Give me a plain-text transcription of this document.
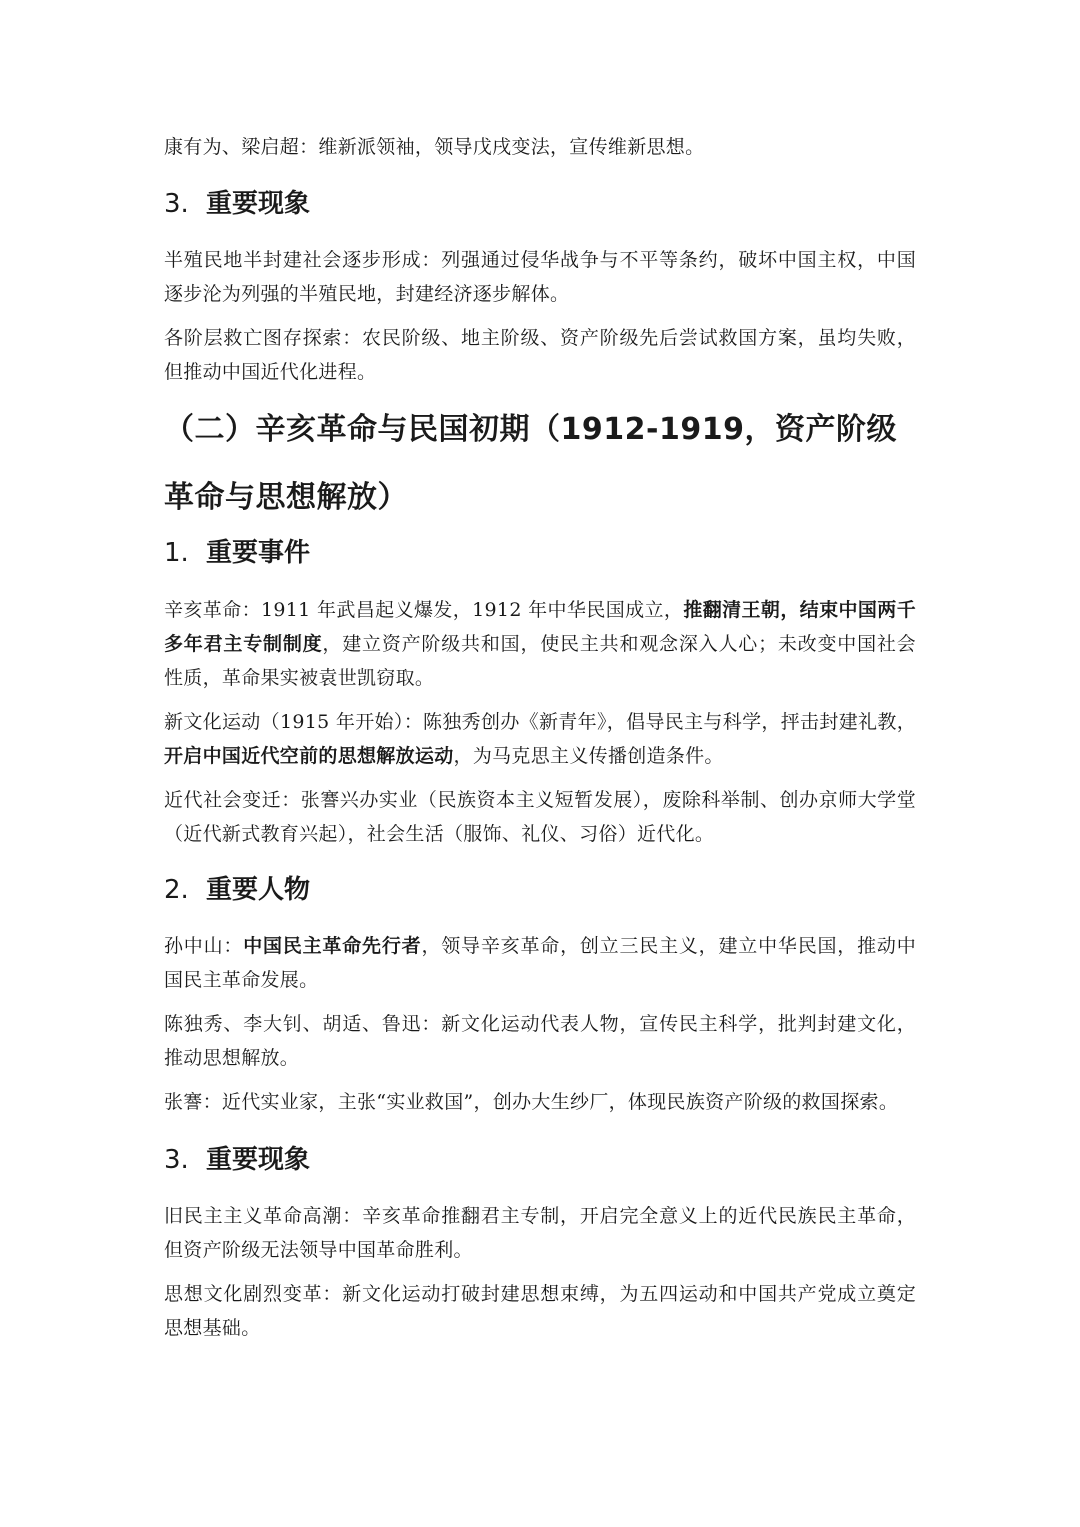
康有为、梁启超：维新派领袖，领导戊戌变法，宣传维新思想。

3. 重要现象

半殖民地半封建社会逐步形成：列强通过侵华战争与不平等条约，破坏中国主权，中国逐步沦为列强的半殖民地，封建经济逐步解体。

各阶层救亡图存探索：农民阶级、地主阶级、资产阶级先后尝试救国方案，虽均失败，但推动中国近代化进程。

（二）辛亥革命与民国初期（1912-1919，资产阶级革命与思想解放）
1. 重要事件

辛亥革命：1911 年武昌起义爆发，1912 年中华民国成立，推翻清王朝，结束中国两千多年君主专制制度，建立资产阶级共和国，使民主共和观念深入人心；未改变中国社会性质，革命果实被袁世凯窃取。

新文化运动（1915 年开始）：陈独秀创办《新青年》，倡导民主与科学，抨击封建礼教，开启中国近代空前的思想解放运动，为马克思主义传播创造条件。

近代社会变迁：张謇兴办实业（民族资本主义短暂发展），废除科举制、创办京师大学堂（近代新式教育兴起），社会生活（服饰、礼仪、习俗）近代化。

2. 重要人物

孙中山：中国民主革命先行者，领导辛亥革命，创立三民主义，建立中华民国，推动中国民主革命发展。

陈独秀、李大钊、胡适、鲁迅：新文化运动代表人物，宣传民主科学，批判封建文化，推动思想解放。

张謇：近代实业家，主张“实业救国”，创办大生纱厂，体现民族资产阶级的救国探索。

3. 重要现象

旧民主主义革命高潮：辛亥革命推翻君主专制，开启完全意义上的近代民族民主革命，但资产阶级无法领导中国革命胜利。

思想文化剧烈变革：新文化运动打破封建思想束缚，为五四运动和中国共产党成立奠定思想基础。
